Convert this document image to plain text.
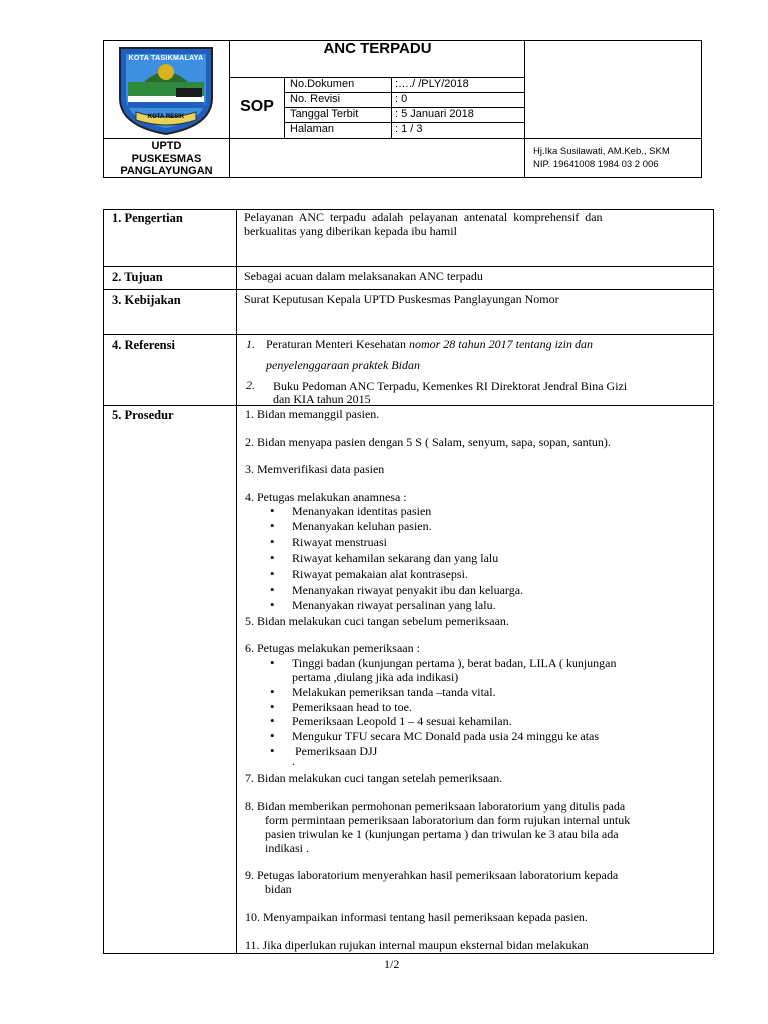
KOTA TASIKMALAYA
KOTA RESIK
ANC TERPADU
SOP
No.Dokumen	:…./ /PLY/2018
No. Revisi	: 0
Tanggal Terbit	: 5 Januari 2018
Halaman	: 1 / 3
UPTD
PUSKESMAS
PANGLAYUNGAN
Hj.Ika Susilawati, AM.Keb., SKM
NIP. 19641008 1984 03 2 006
1. Pengertian	Pelayanan  ANC  terpadu  adalah  pelayanan  antenatal  komprehensif  dan
berkualitas yang diberikan kepada ibu hamil
2. Tujuan	Sebagai acuan dalam melaksanakan ANC terpadu
3. Kebijakan	Surat Keputusan Kepala UPTD Puskesmas Panglayungan Nomor
4. Referensi	1. Peraturan Menteri Kesehatan nomor 28 tahun 2017 tentang izin dan
penyelenggaraan praktek Bidan
2. Buku Pedoman ANC Terpadu, Kemenkes RI Direktorat Jendral Bina Gizi
dan KIA tahun 2015
5. Prosedur	1. Bidan memanggil pasien.
2. Bidan menyapa pasien dengan 5 S ( Salam, senyum, sapa, sopan, santun).
3. Memverifikasi data pasien
4. Petugas melakukan anamnesa :
• Menanyakan identitas pasien
• Menanyakan keluhan pasien.
• Riwayat menstruasi
• Riwayat kehamilan sekarang dan yang lalu
• Riwayat pemakaian alat kontrasepsi.
• Menanyakan riwayat penyakit ibu dan keluarga.
• Menanyakan riwayat persalinan yang lalu.
5. Bidan melakukan cuci tangan sebelum pemeriksaan.
6. Petugas melakukan pemeriksaan :
• Tinggi badan (kunjungan pertama ), berat badan, LILA ( kunjungan
pertama ,diulang jika ada indikasi)
• Melakukan pemeriksan tanda –tanda vital.
• Pemeriksaan head to toe.
• Pemeriksaan Leopold 1 – 4 sesuai kehamilan.
• Mengukur TFU secara MC Donald pada usia 24 minggu ke atas
•  Pemeriksaan DJJ
.
7. Bidan melakukan cuci tangan setelah pemeriksaan.
8. Bidan memberikan permohonan pemeriksaan laboratorium yang ditulis pada
form permintaan pemeriksaan laboratorium dan form rujukan internal untuk
pasien triwulan ke 1 (kunjungan pertama ) dan triwulan ke 3 atau bila ada
indikasi .
9. Petugas laboratorium menyerahkan hasil pemeriksaan laboratorium kepada
bidan
10. Menyampaikan informasi tentang hasil pemeriksaan kepada pasien.
11. Jika diperlukan rujukan internal maupun eksternal bidan melakukan
1/2
